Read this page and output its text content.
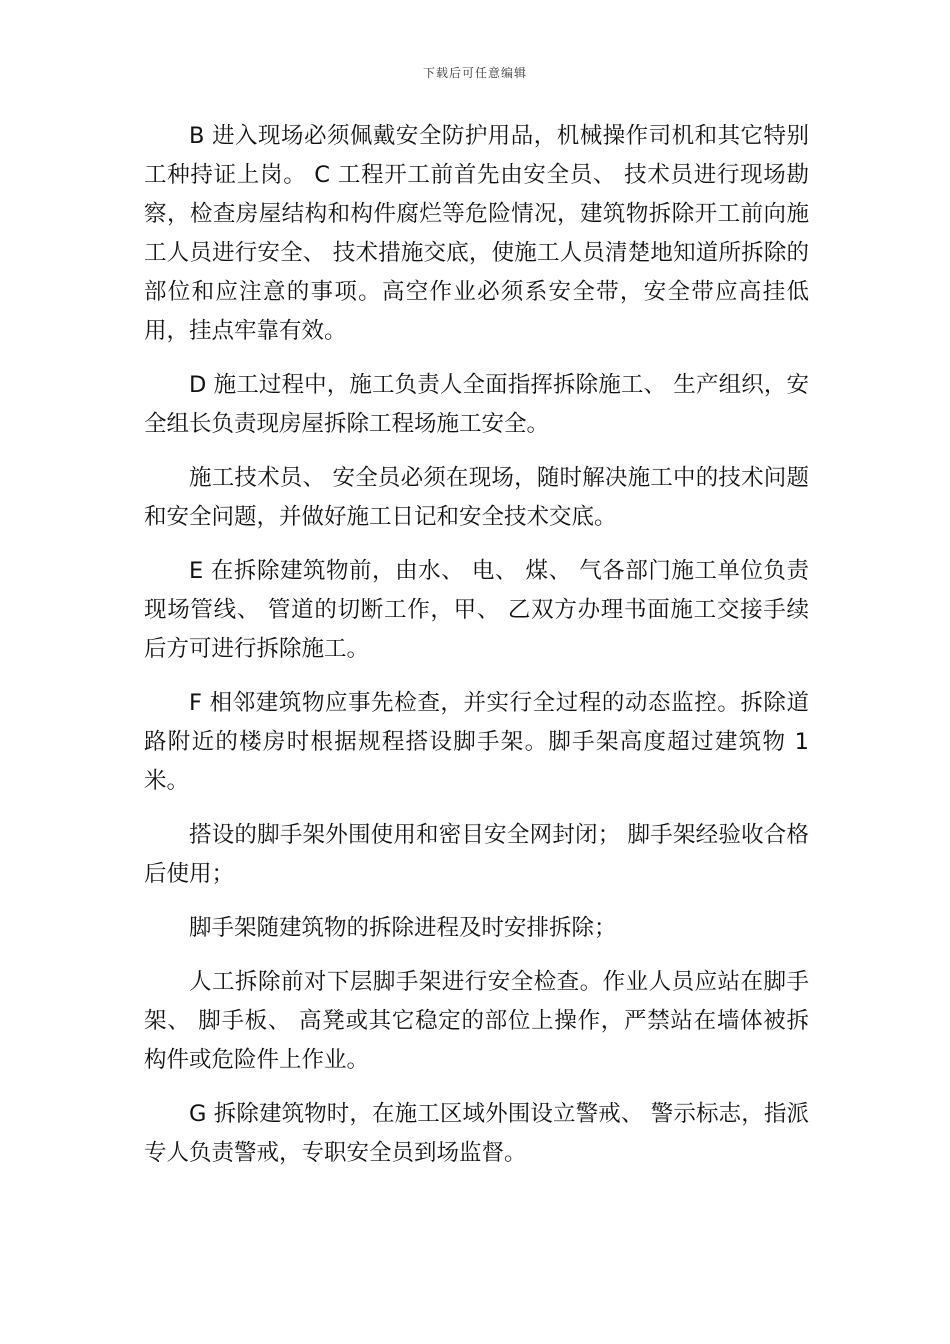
下载后可任意编辑

B 进入现场必须佩戴安全防护用品，机械操作司机和其它特别工种持证上岗。 C 工程开工前首先由安全员、 技术员进行现场勘察，检查房屋结构和构件腐烂等危险情况，建筑物拆除开工前向施工人员进行安全、 技术措施交底，使施工人员清楚地知道所拆除的部位和应注意的事项。高空作业必须系安全带，安全带应高挂低用，挂点牢靠有效。

D 施工过程中，施工负责人全面指挥拆除施工、 生产组织，安全组长负责现房屋拆除工程场施工安全。

施工技术员、 安全员必须在现场，随时解决施工中的技术问题和安全问题，并做好施工日记和安全技术交底。

E 在拆除建筑物前，由水、 电、 煤、 气各部门施工单位负责现场管线、 管道的切断工作，甲、 乙双方办理书面施工交接手续后方可进行拆除施工。

F 相邻建筑物应事先检查，并实行全过程的动态监控。拆除道路附近的楼房时根据规程搭设脚手架。脚手架高度超过建筑物 1 米。

搭设的脚手架外围使用和密目安全网封闭； 脚手架经验收合格后使用；

脚手架随建筑物的拆除进程及时安排拆除；

人工拆除前对下层脚手架进行安全检查。作业人员应站在脚手架、 脚手板、 高凳或其它稳定的部位上操作，严禁站在墙体被拆构件或危险件上作业。

G 拆除建筑物时，在施工区域外围设立警戒、 警示标志，指派专人负责警戒，专职安全员到场监督。
